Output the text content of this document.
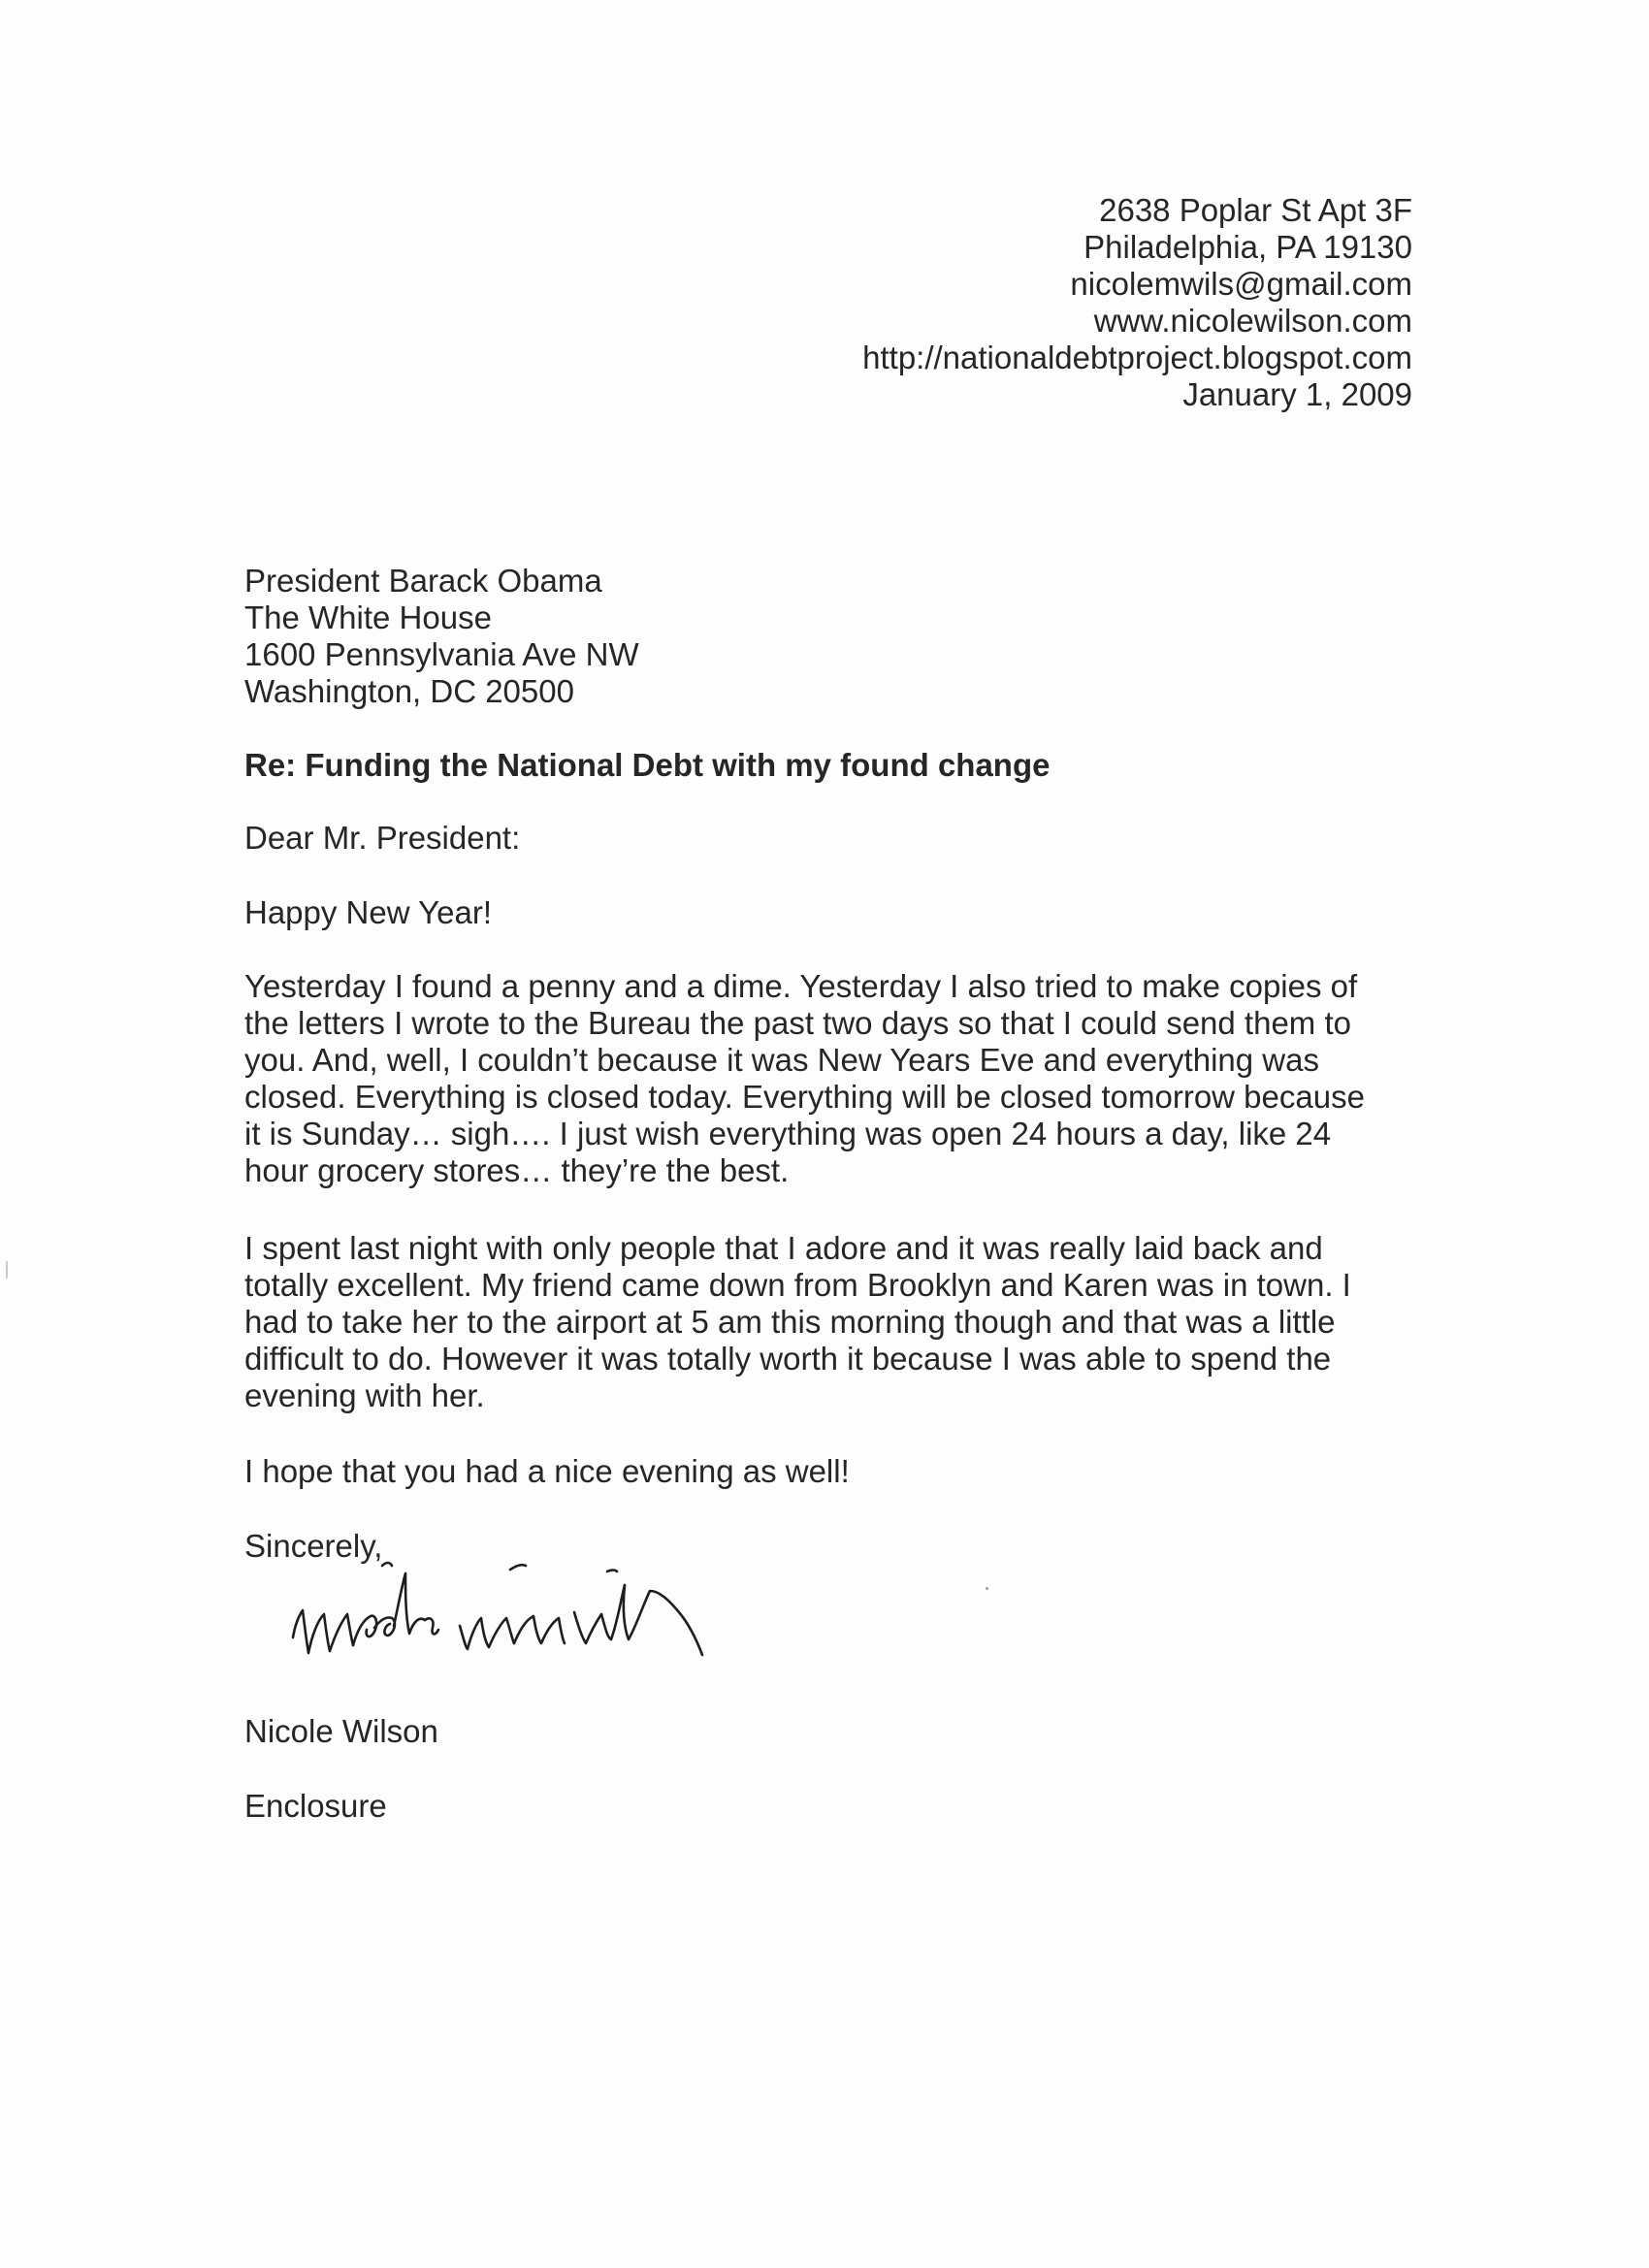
2638 Poplar St Apt 3F
Philadelphia, PA 19130
nicolemwils@gmail.com
www.nicolewilson.com
http://nationaldebtproject.blogspot.com
January 1, 2009
President Barack Obama
The White House
1600 Pennsylvania Ave NW
Washington, DC 20500
Re: Funding the National Debt with my found change
Dear Mr. President:
Happy New Year!
Yesterday I found a penny and a dime. Yesterday I also tried to make copies of
the letters I wrote to the Bureau the past two days so that I could send them to
you. And, well, I couldn’t because it was New Years Eve and everything was
closed. Everything is closed today. Everything will be closed tomorrow because
it is Sunday… sigh…. I just wish everything was open 24 hours a day, like 24
hour grocery stores… they’re the best.
I spent last night with only people that I adore and it was really laid back and
totally excellent. My friend came down from Brooklyn and Karen was in town. I
had to take her to the airport at 5 am this morning though and that was a little
difficult to do. However it was totally worth it because I was able to spend the
evening with her.
I hope that you had a nice evening as well!
Sincerely,
Nicole Wilson
Enclosure
